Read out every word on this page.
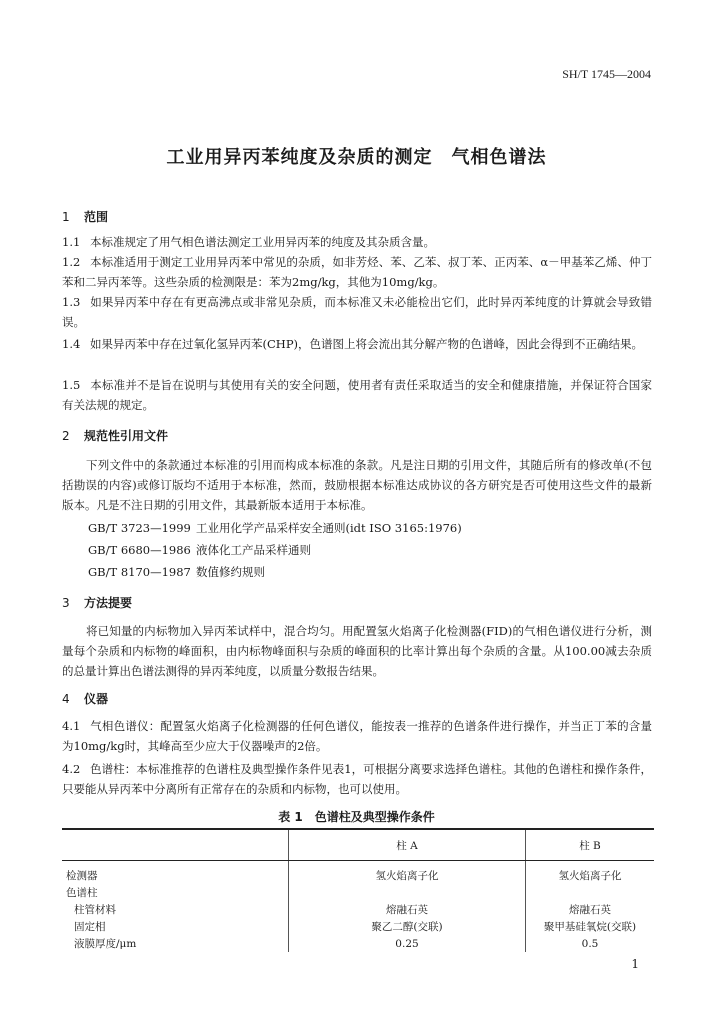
SH/T 1745—2004
工业用异丙苯纯度及杂质的测定　气相色谱法
1 范围
1.1 本标准规定了用气相色谱法测定工业用异丙苯的纯度及其杂质含量。
1.2 本标准适用于测定工业用异丙苯中常见的杂质，如非芳烃、苯、乙苯、叔丁苯、正丙苯、α－甲基苯乙烯、仲丁苯和二异丙苯等。这些杂质的检测限是：苯为2mg/kg，其他为10mg/kg。
1.3 如果异丙苯中存在有更高沸点或非常见杂质，而本标准又未必能检出它们，此时异丙苯纯度的计算就会导致错误。
1.4 如果异丙苯中存在过氧化氢异丙苯(CHP)，色谱图上将会流出其分解产物的色谱峰，因此会得到不正确结果。
1.5 本标准并不是旨在说明与其使用有关的安全问题，使用者有责任采取适当的安全和健康措施，并保证符合国家有关法规的规定。
2 规范性引用文件
下列文件中的条款通过本标准的引用而构成本标准的条款。凡是注日期的引用文件，其随后所有的修改单(不包括勘误的内容)或修订版均不适用于本标准，然而，鼓励根据本标准达成协议的各方研究是否可使用这些文件的最新版本。凡是不注日期的引用文件，其最新版本适用于本标准。
GB/T 3723—1999 工业用化学产品采样安全通则(idt ISO 3165:1976)
GB/T 6680—1986 液体化工产品采样通则
GB/T 8170—1987 数值修约规则
3 方法提要
将已知量的内标物加入异丙苯试样中，混合均匀。用配置氢火焰离子化检测器(FID)的气相色谱仪进行分析，测量每个杂质和内标物的峰面积，由内标物峰面积与杂质的峰面积的比率计算出每个杂质的含量。从100.00减去杂质的总量计算出色谱法测得的异丙苯纯度，以质量分数报告结果。
4 仪器
4.1 气相色谱仪：配置氢火焰离子化检测器的任何色谱仪，能按表一推荐的色谱条件进行操作，并当正丁苯的含量为10mg/kg时，其峰高至少应大于仪器噪声的2倍。
4.2 色谱柱：本标准推荐的色谱柱及典型操作条件见表1，可根据分离要求选择色谱柱。其他的色谱柱和操作条件，只要能从异丙苯中分离所有正常存在的杂质和内标物，也可以使用。
表 1　色谱柱及典型操作条件
	柱 A	柱 B
检测器	氢火焰离子化	氢火焰离子化
色谱柱		
柱管材料	熔融石英	熔融石英
固定相	聚乙二醇(交联)	聚甲基硅氧烷(交联)
液膜厚度/μm	0.25	0.5
1
